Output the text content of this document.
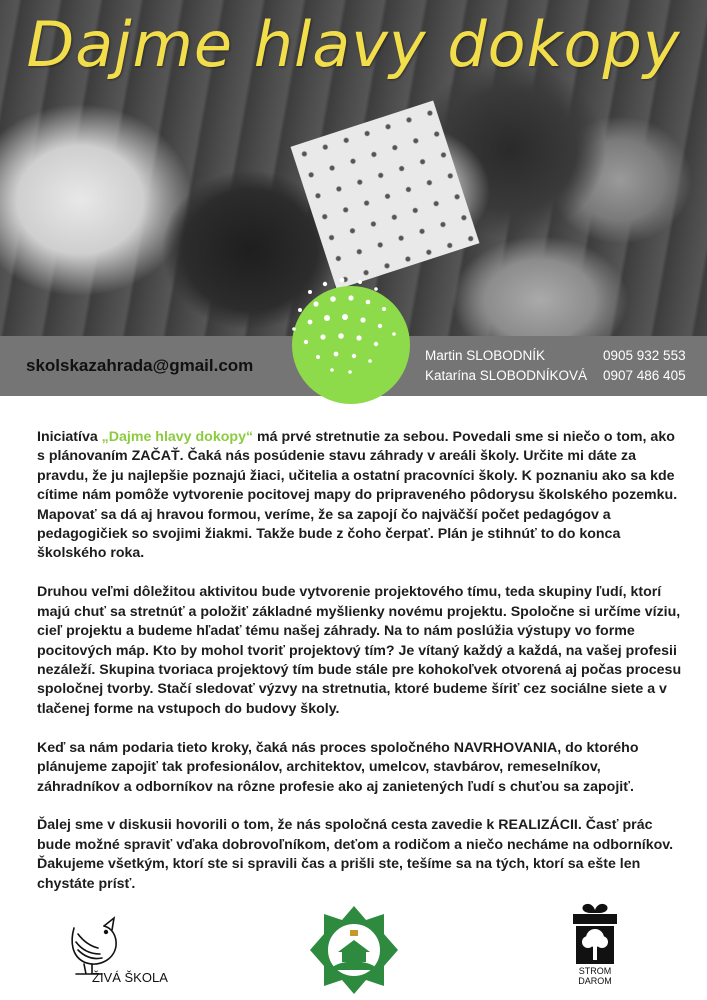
Dajme hlavy dokopy
skolskazahrada@gmail.com
Martin SLOBODNÍK	0905 932 553
Katarína SLOBODNÍKOVÁ	0907 486 405

Iniciatíva „Dajme hlavy dokopy“ má prvé stretnutie za sebou. Povedali sme si niečo o tom, ako s plánovaním ZAČAŤ. Čaká nás posúdenie stavu záhrady v areáli školy. Určite mi dáte za pravdu, že ju najlepšie poznajú žiaci, učitelia a ostatní pracovníci školy. K poznaniu ako sa kde cítime nám pomôže vytvorenie pocitovej mapy do pripraveného pôdorysu školského pozemku. Mapovať sa dá aj hravou formou, veríme, že sa zapojí čo najväčší počet pedagógov a pedagogičiek so svojimi žiakmi. Takže bude z čoho čerpať. Plán je stihnúť to do konca školského roka.

Druhou veľmi dôležitou aktivitou bude vytvorenie projektového tímu, teda skupiny ľudí, ktorí majú chuť sa stretnúť a položiť základné myšlienky novému projektu. Spoločne si určíme víziu, cieľ projektu a budeme hľadať tému našej záhrady. Na to nám poslúžia výstupy vo forme pocitových máp. Kto by mohol tvoriť projektový tím? Je vítaný každý a každá, na vašej profesii nezáleží. Skupina tvoriaca projektový tím bude stále pre kohokoľvek otvorená aj počas procesu spoločnej tvorby. Stačí sledovať výzvy na stretnutia, ktoré budeme šíriť cez sociálne siete a v tlačenej forme na vstupoch do budovy školy.

Keď sa nám podaria tieto kroky, čaká nás proces spoločného NAVRHOVANIA, do ktorého plánujeme zapojiť tak profesionálov, architektov, umelcov, stavbárov, remeselníkov, záhradníkov a odborníkov na rôzne profesie ako aj zanietených ľudí s chuťou sa zapojiť.

Ďalej sme v diskusii hovorili o tom, že nás spoločná cesta zavedie k REALIZÁCII. Časť prác bude možné spraviť vďaka dobrovoľníkom, deťom a rodičom a niečo necháme na odborníkov. Ďakujeme všetkým, ktorí ste si spravili čas a prišli ste, tešíme sa na tých, ktorí sa ešte len chystáte prísť.

ŽIVÁ ŠKOLA	STROM
DAROM
